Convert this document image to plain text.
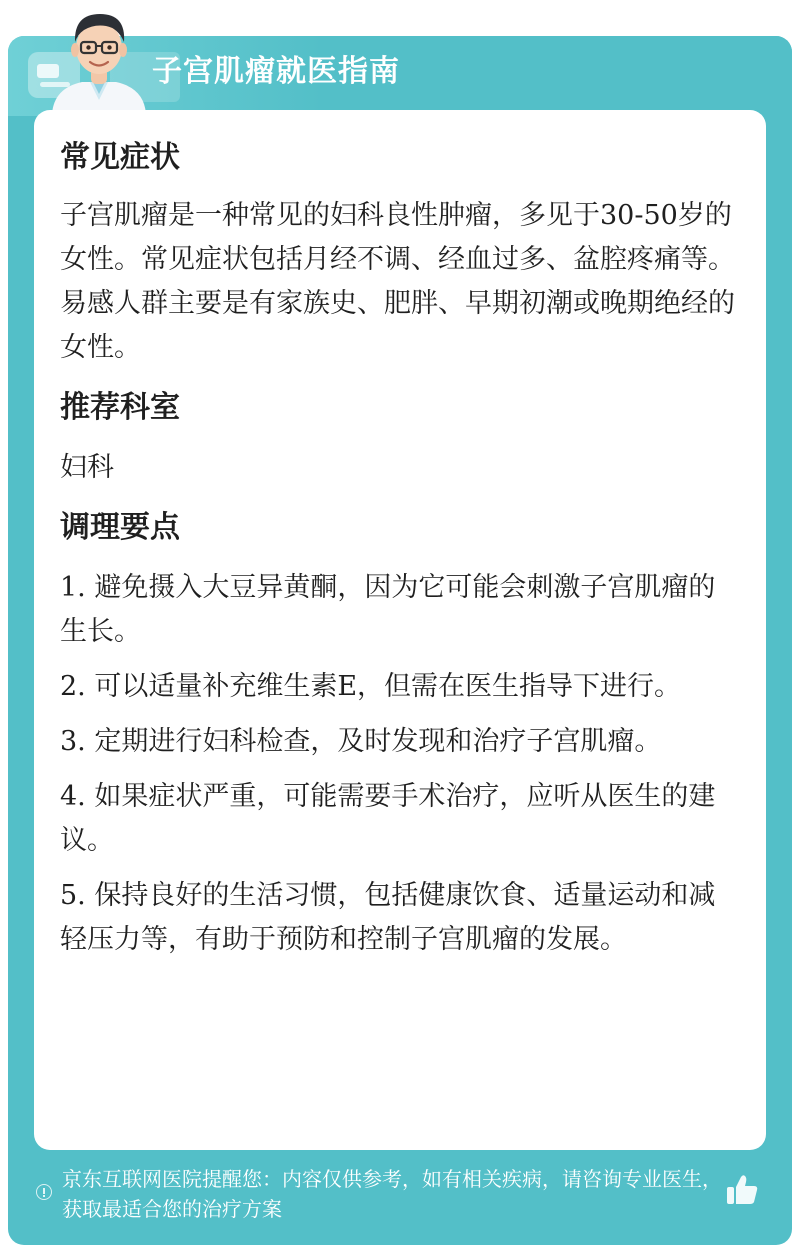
子宫肌瘤就医指南
常见症状

子宫肌瘤是一种常见的妇科良性肿瘤，多见于30-50岁的女性。常见症状包括月经不调、经血过多、盆腔疼痛等。易感人群主要是有家族史、肥胖、早期初潮或晚期绝经的女性。

推荐科室

妇科

调理要点
1. 避免摄入大豆异黄酮，因为它可能会刺激子宫肌瘤的生长。
2. 可以适量补充维生素E，但需在医生指导下进行。
3. 定期进行妇科检查，及时发现和治疗子宫肌瘤。
4. 如果症状严重，可能需要手术治疗，应听从医生的建议。
5. 保持良好的生活习惯，包括健康饮食、适量运动和减轻压力等，有助于预防和控制子宫肌瘤的发展。

京东互联网医院提醒您：内容仅供参考，如有相关疾病，请咨询专业医生，获取最适合您的治疗方案
